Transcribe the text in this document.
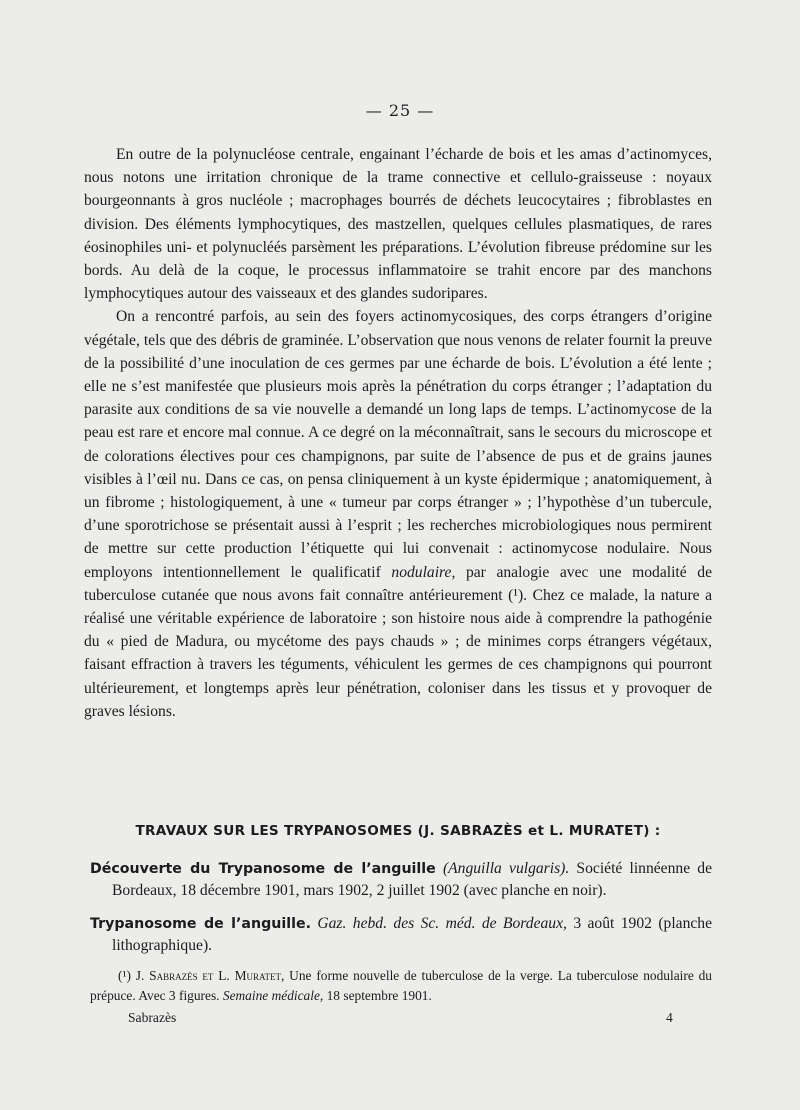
— 25 —

En outre de la polynucléose centrale, engainant l’écharde de bois et les amas d’actinomyces, nous notons une irritation chronique de la trame connective et cellulo-graisseuse : noyaux bourgeonnants à gros nucléole ; macrophages bourrés de déchets leucocytaires ; fibroblastes en division. Des éléments lymphocytiques, des mastzellen, quelques cellules plasmatiques, de rares éosinophiles uni- et polynucléés parsèment les préparations. L’évolution fibreuse prédomine sur les bords. Au delà de la coque, le processus inflammatoire se trahit encore par des manchons lymphocytiques autour des vaisseaux et des glandes sudoripares.

On a rencontré parfois, au sein des foyers actinomycosiques, des corps étrangers d’origine végétale, tels que des débris de graminée. L’observation que nous venons de relater fournit la preuve de la possibilité d’une inoculation de ces germes par une écharde de bois. L’évolution a été lente ; elle ne s’est manifestée que plusieurs mois après la pénétration du corps étranger ; l’adaptation du parasite aux conditions de sa vie nouvelle a demandé un long laps de temps. L’actinomycose de la peau est rare et encore mal connue. A ce degré on la méconnaîtrait, sans le secours du microscope et de colorations électives pour ces champignons, par suite de l’absence de pus et de grains jaunes visibles à l’œil nu. Dans ce cas, on pensa cliniquement à un kyste épidermique ; anatomiquement, à un fibrome ; histologiquement, à une « tumeur par corps étranger » ; l’hypothèse d’un tubercule, d’une sporotrichose se présentait aussi à l’esprit ; les recherches microbiologiques nous permirent de mettre sur cette production l’étiquette qui lui convenait : actinomycose nodulaire. Nous employons intentionnellement le qualificatif nodulaire, par analogie avec une modalité de tuberculose cutanée que nous avons fait connaître antérieurement (¹). Chez ce malade, la nature a réalisé une véritable expérience de laboratoire ; son histoire nous aide à comprendre la pathogénie du « pied de Madura, ou mycétome des pays chauds » ; de minimes corps étrangers végétaux, faisant effraction à travers les téguments, véhiculent les germes de ces champignons qui pourront ultérieurement, et longtemps après leur pénétration, coloniser dans les tissus et y provoquer de graves lésions.

TRAVAUX SUR LES TRYPANOSOMES (J. SABRAZÈS et L. MURATET) :
Découverte du Trypanosome de l’anguille (Anguilla vulgaris). Société linnéenne de Bordeaux, 18 décembre 1901, mars 1902, 2 juillet 1902 (avec planche en noir).
Trypanosome de l’anguille. Gaz. hebd. des Sc. méd. de Bordeaux, 3 août 1902 (planche lithographique).
(¹) J. Sabrazès et L. Muratet, Une forme nouvelle de tuberculose de la verge. La tuberculose nodulaire du prépuce. Avec 3 figures. Semaine médicale, 18 septembre 1901.
Sabrazès	4
